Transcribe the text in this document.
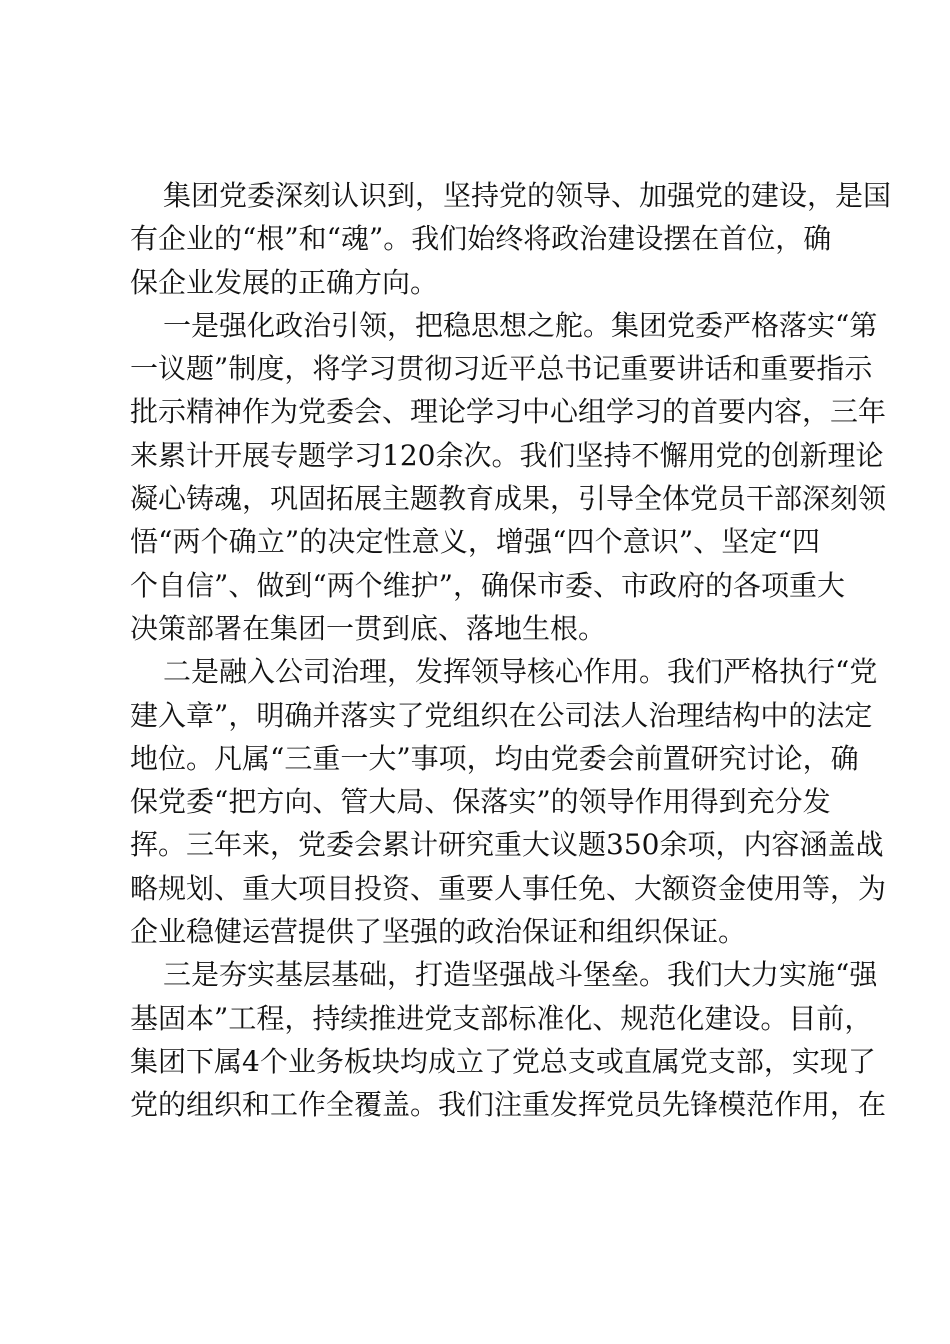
集团党委深刻认识到，坚持党的领导、加强党的建设，是国
有企业的“根”和“魂”。我们始终将政治建设摆在首位，确
保企业发展的正确方向。
一是强化政治引领，把稳思想之舵。集团党委严格落实“第
一议题”制度，将学习贯彻习近平总书记重要讲话和重要指示
批示精神作为党委会、理论学习中心组学习的首要内容，三年
来累计开展专题学习120余次。我们坚持不懈用党的创新理论
凝心铸魂，巩固拓展主题教育成果，引导全体党员干部深刻领
悟“两个确立”的决定性意义，增强“四个意识”、坚定“四
个自信”、做到“两个维护”，确保市委、市政府的各项重大
决策部署在集团一贯到底、落地生根。
二是融入公司治理，发挥领导核心作用。我们严格执行“党
建入章”，明确并落实了党组织在公司法人治理结构中的法定
地位。凡属“三重一大”事项，均由党委会前置研究讨论，确
保党委“把方向、管大局、保落实”的领导作用得到充分发
挥。三年来，党委会累计研究重大议题350余项，内容涵盖战
略规划、重大项目投资、重要人事任免、大额资金使用等，为
企业稳健运营提供了坚强的政治保证和组织保证。
三是夯实基层基础，打造坚强战斗堡垒。我们大力实施“强
基固本”工程，持续推进党支部标准化、规范化建设。目前，
集团下属4个业务板块均成立了党总支或直属党支部，实现了
党的组织和工作全覆盖。我们注重发挥党员先锋模范作用，在
